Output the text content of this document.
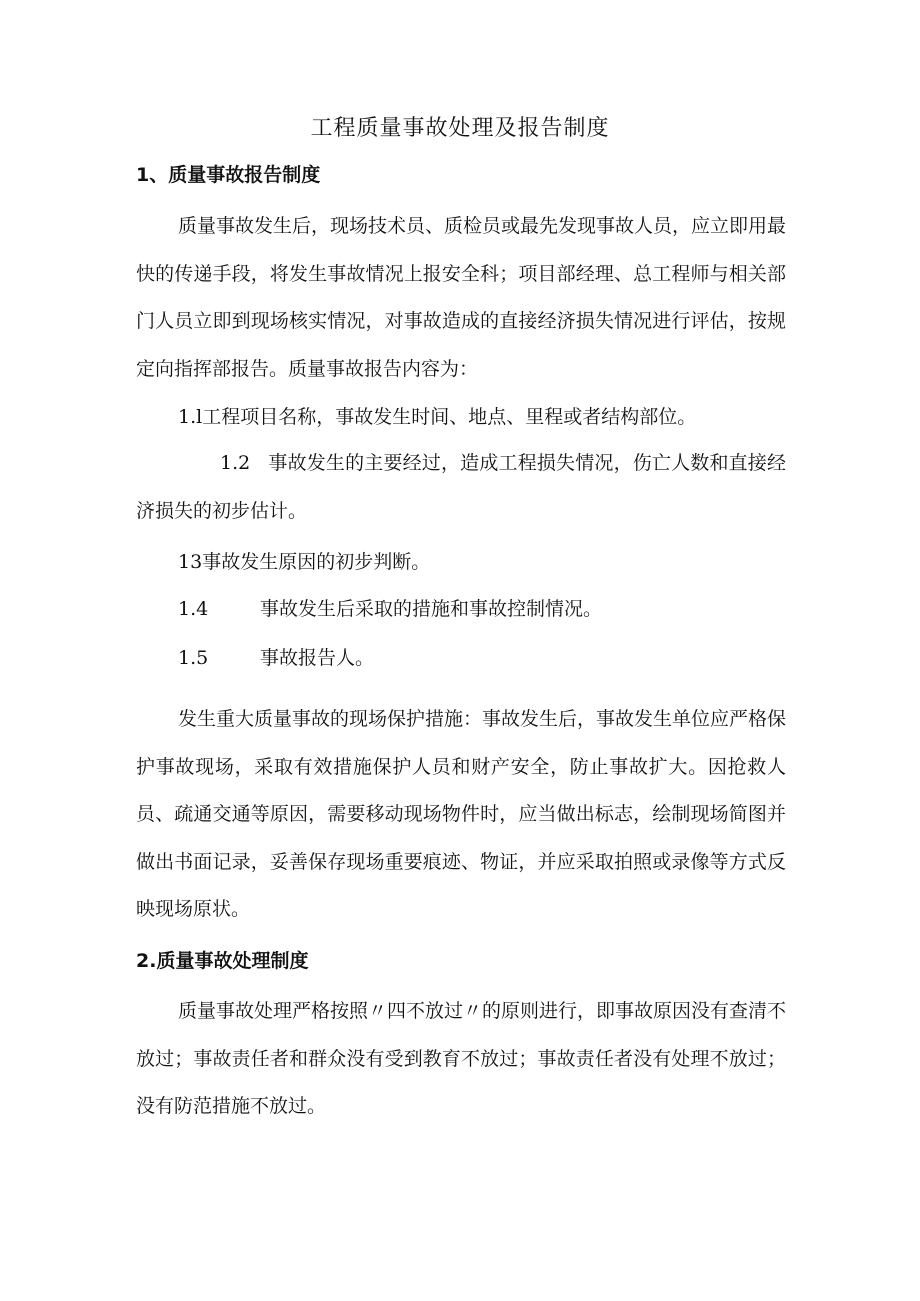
工程质量事故处理及报告制度
1、质量事故报告制度
质量事故发生后，现场技术员、质检员或最先发现事故人员，应立即用最快的传递手段，将发生事故情况上报安全科；项目部经理、总工程师与相关部门人员立即到现场核实情况，对事故造成的直接经济损失情况进行评估，按规定向指挥部报告。质量事故报告内容为：
1.l工程项目名称，事故发生时间、地点、里程或者结构部位。
1.2 事故发生的主要经过，造成工程损失情况，伤亡人数和直接经济损失的初步估计。
13事故发生原因的初步判断。
1.4	事故发生后采取的措施和事故控制情况。
1.5	事故报告人。
发生重大质量事故的现场保护措施：事故发生后，事故发生单位应严格保护事故现场，采取有效措施保护人员和财产安全，防止事故扩大。因抢救人员、疏通交通等原因，需要移动现场物件时，应当做出标志，绘制现场简图并做出书面记录，妥善保存现场重要痕迹、物证，并应采取拍照或录像等方式反映现场原状。
2.质量事故处理制度
质量事故处理严格按照〃四不放过〃的原则进行，即事故原因没有查清不放过；事故责任者和群众没有受到教育不放过；事故责任者没有处理不放过；没有防范措施不放过。
